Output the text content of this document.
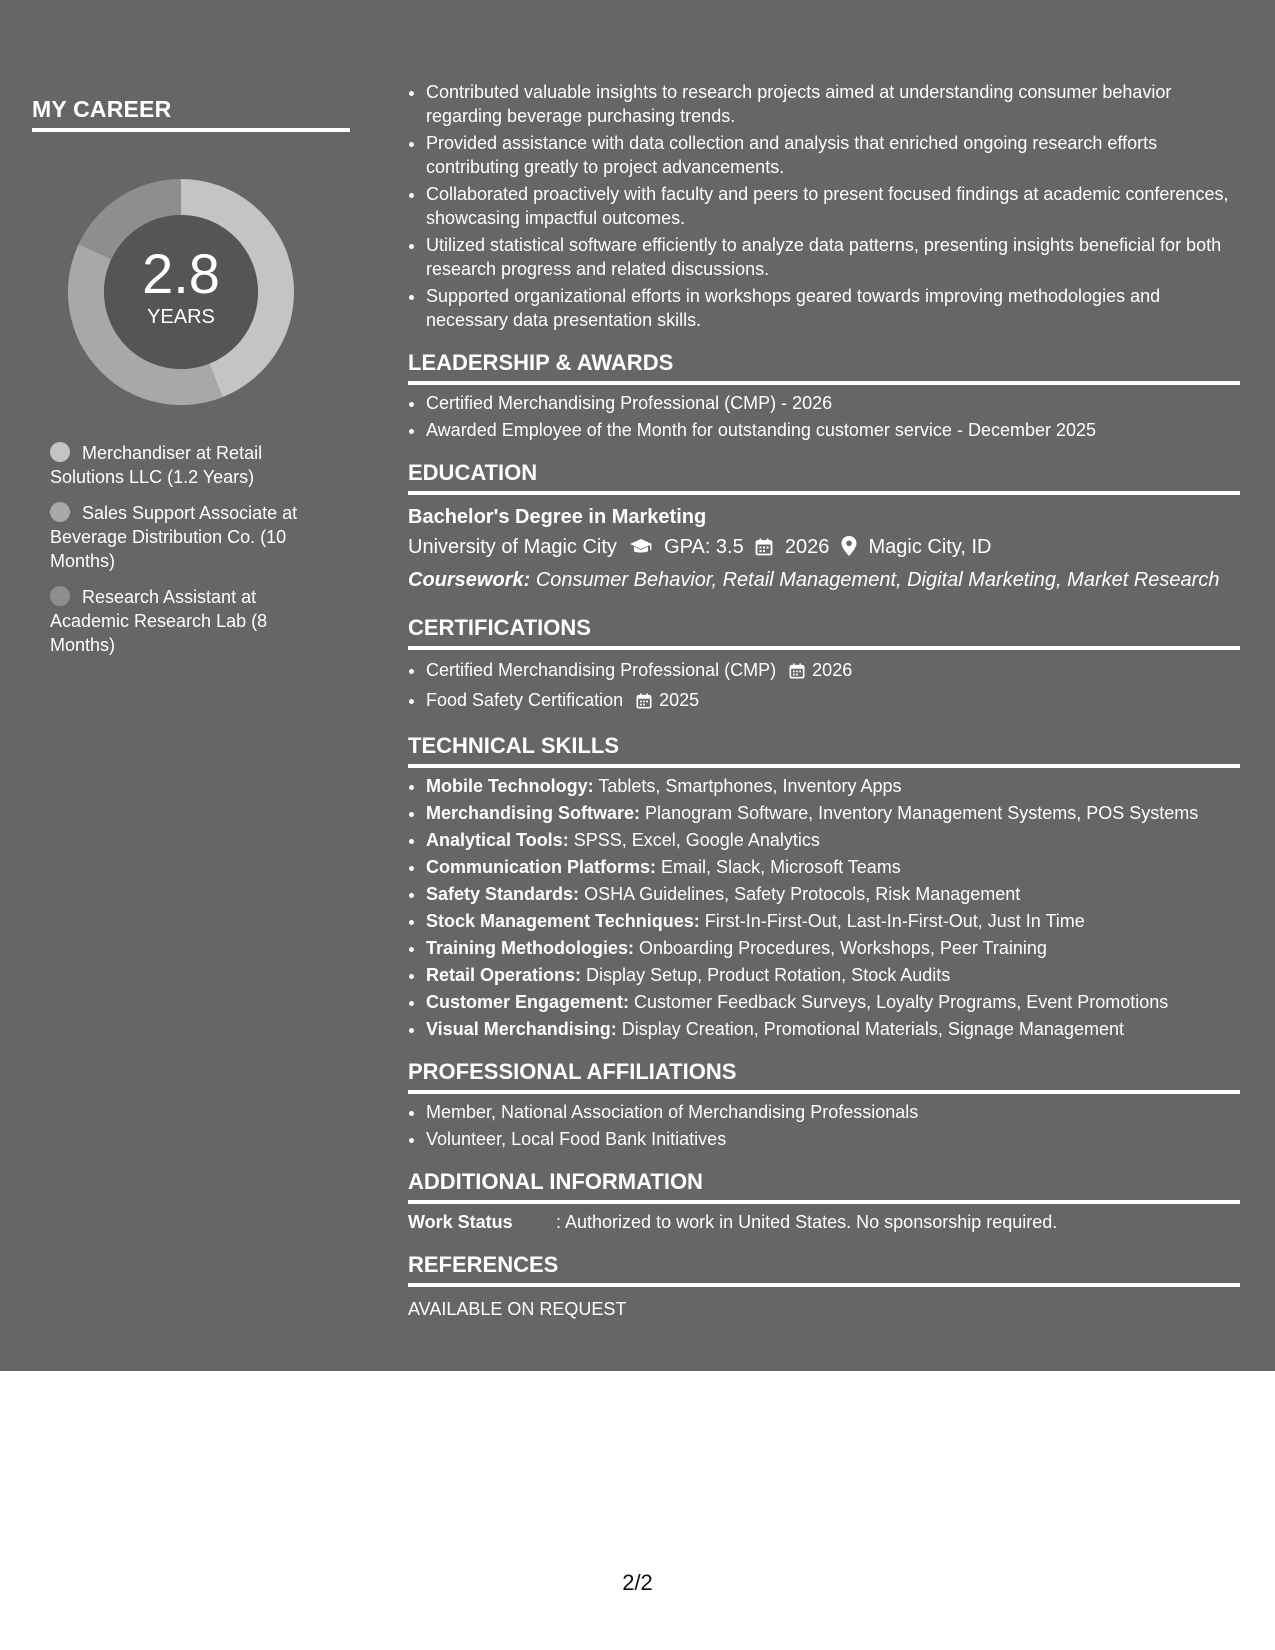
MY CAREER
2.8
YEARS
Merchandiser at Retail Solutions LLC (1.2 Years)
Sales Support Associate at Beverage Distribution Co. (10 Months)
Research Assistant at Academic Research Lab (8 Months)
• Contributed valuable insights to research projects aimed at understanding consumer behavior regarding beverage purchasing trends.
• Provided assistance with data collection and analysis that enriched ongoing research efforts contributing greatly to project advancements.
• Collaborated proactively with faculty and peers to present focused findings at academic conferences, showcasing impactful outcomes.
• Utilized statistical software efficiently to analyze data patterns, presenting insights beneficial for both research progress and related discussions.
• Supported organizational efforts in workshops geared towards improving methodologies and necessary data presentation skills.
LEADERSHIP & AWARDS
• Certified Merchandising Professional (CMP) - 2026
• Awarded Employee of the Month for outstanding customer service - December 2025
EDUCATION
Bachelor's Degree in Marketing
University of Magic City GPA: 3.5 2026 Magic City, ID
Coursework: Consumer Behavior, Retail Management, Digital Marketing, Market Research
CERTIFICATIONS
• Certified Merchandising Professional (CMP) 2026
• Food Safety Certification 2025
TECHNICAL SKILLS
• Mobile Technology: Tablets, Smartphones, Inventory Apps
• Merchandising Software: Planogram Software, Inventory Management Systems, POS Systems
• Analytical Tools: SPSS, Excel, Google Analytics
• Communication Platforms: Email, Slack, Microsoft Teams
• Safety Standards: OSHA Guidelines, Safety Protocols, Risk Management
• Stock Management Techniques: First-In-First-Out, Last-In-First-Out, Just In Time
• Training Methodologies: Onboarding Procedures, Workshops, Peer Training
• Retail Operations: Display Setup, Product Rotation, Stock Audits
• Customer Engagement: Customer Feedback Surveys, Loyalty Programs, Event Promotions
• Visual Merchandising: Display Creation, Promotional Materials, Signage Management
PROFESSIONAL AFFILIATIONS
• Member, National Association of Merchandising Professionals
• Volunteer, Local Food Bank Initiatives
ADDITIONAL INFORMATION
Work Status : Authorized to work in United States. No sponsorship required.
REFERENCES
AVAILABLE ON REQUEST
2/2
